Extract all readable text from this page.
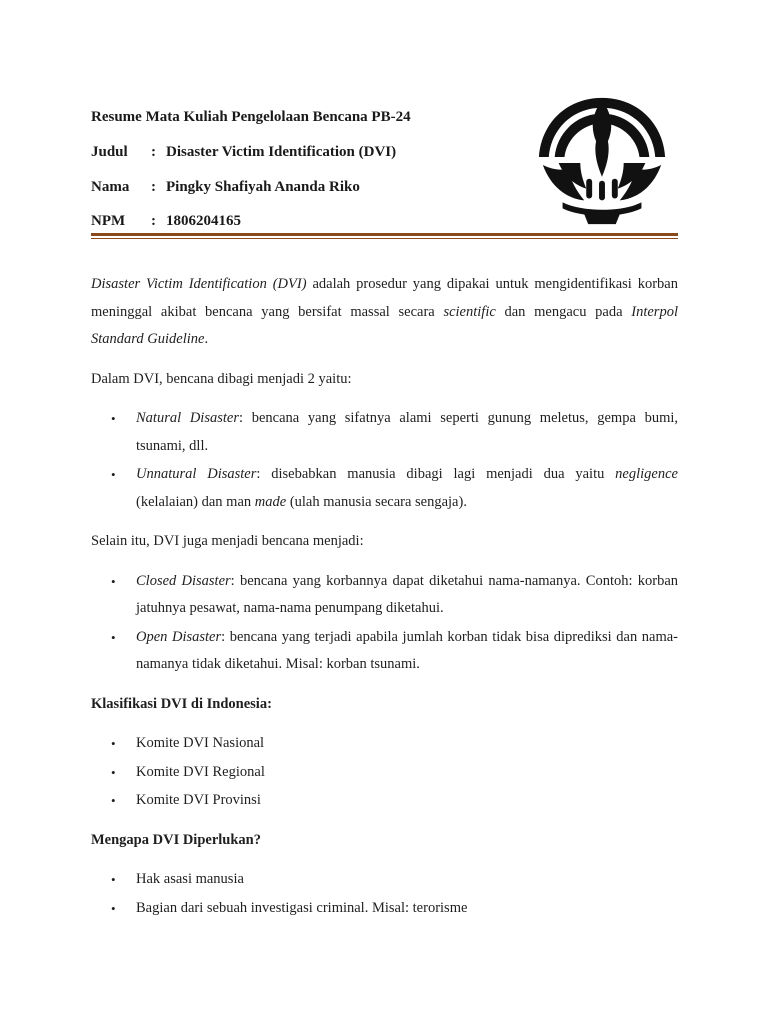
Resume Mata Kuliah Pengelolaan Bencana PB-24
Judul : Disaster Victim Identification (DVI)
Nama : Pingky Shafiyah Ananda Riko
NPM : 1806204165

Disaster Victim Identification (DVI) adalah prosedur yang dipakai untuk mengidentifikasi korban meninggal akibat bencana yang bersifat massal secara scientific dan mengacu pada Interpol Standard Guideline.

Dalam DVI, bencana dibagi menjadi 2 yaitu:

• Natural Disaster: bencana yang sifatnya alami seperti gunung meletus, gempa bumi, tsunami, dll.
• Unnatural Disaster: disebabkan manusia dibagi lagi menjadi dua yaitu negligence (kelalaian) dan man made (ulah manusia secara sengaja).

Selain itu, DVI juga menjadi bencana menjadi:

• Closed Disaster: bencana yang korbannya dapat diketahui nama-namanya. Contoh: korban jatuhnya pesawat, nama-nama penumpang diketahui.
• Open Disaster: bencana yang terjadi apabila jumlah korban tidak bisa diprediksi dan nama-namanya tidak diketahui. Misal: korban tsunami.
Klasifikasi DVI di Indonesia:
• Komite DVI Nasional
• Komite DVI Regional
• Komite DVI Provinsi
Mengapa DVI Diperlukan?
• Hak asasi manusia
• Bagian dari sebuah investigasi criminal. Misal: terorisme
